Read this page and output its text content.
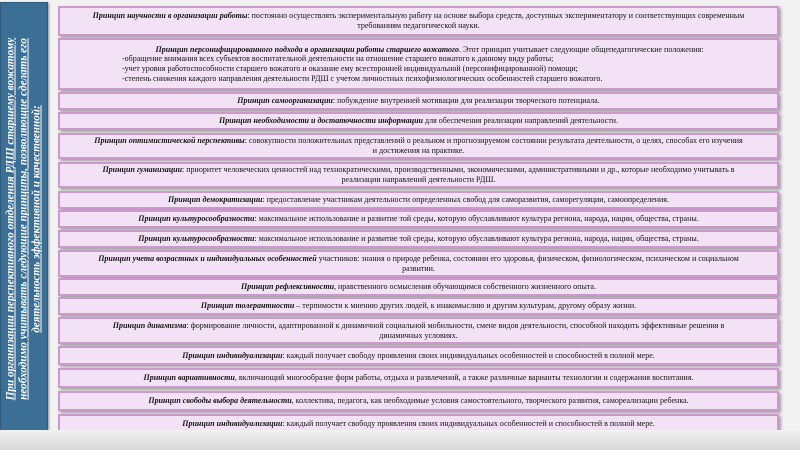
При организации перспективного отделения РДШ старшему вожатому необходимо учитывать следующие принципы, позволяющие сделать его деятельность эффективной и качественной:

Принцип научности в организации работы: постоянно осуществлять экспериментальную работу на основе выбора средств, доступных экспериментатору и соответствующих современным требованиям педагогической науки.

Принцип персонифицированного подхода в организации работы старшего вожатого. Этот принцип учитывает следующие общепедагогические положения:

-обращение внимания всех субъектов воспитательной деятельности на отношение старшего вожатого к данному виду работы;

-учет уровня работоспособности старшего вожатого и оказание ему всесторонней индивидуальной (персонифицированной) помощи;

-степень снижения каждого направления деятельности РДШ с учетом личностных психофизиологических особенностей старшего вожатого.

Принцип самоорганизации: побуждение внутренней мотивации для реализации творческого потенциала.

Принцип необходимости и достаточности информации для обеспечения реализации направлений деятельности.

Принцип оптимистической перспективы: совокупности положительных представлений о реальном и прогнозируемом состоянии результата деятельности, о целях, способах его изучения и достижения на практике.

Принцип гуманизации: приоритет человеческих ценностей над технократическими, производственными, экономическими, административными и др., которые необходимо учитывать в реализации направлений деятельности РДШ.

Принцип демократизации: предоставление участникам деятельности определенных свобод для саморазвития, саморегуляции, самоопределения.

Принцип культуросообразности: максимальное использование и развитие той среды, которую обуславливают культура региона, народа, нации, общества, страны.

Принцип культуросообразности: максимальное использование и развитие той среды, которую обуславливают культура региона, народа, нации, общества, страны.

Принцип учета возрастных и индивидуальных особенностей участников: знания о природе ребенка, состоянии его здоровья, физическом, физиологическом, психическом и социальном развитии.

Принцип рефлексивности, нравственного осмысления обучающимся собственного жизненного опыта.

Принцип толерантности – терпимости к мнению других людей, к инакомыслию и другим культурам, другому образу жизни.

Принцип динамизма: формирование личности, адаптированной к динамичной социальной мобильности, смене видов деятельности, способной находить эффективные решения в динамичных условиях.

Принцип индивидуализации: каждый получает свободу проявления своих индивидуальных особенностей и способностей в полной мере.

Принцип вариативности, включающий многообразие форм работы, отдыха и развлечений, а также различные варианты технологии и содержания воспитания.

Принцип свободы выбора деятельности, коллектива, педагога, как необходимые условия самостоятельного, творческого развития, самореализации ребенка.

Принцип индивидуализации: каждый получает свободу проявления своих индивидуальных особенностей и способностей в полной мере.
